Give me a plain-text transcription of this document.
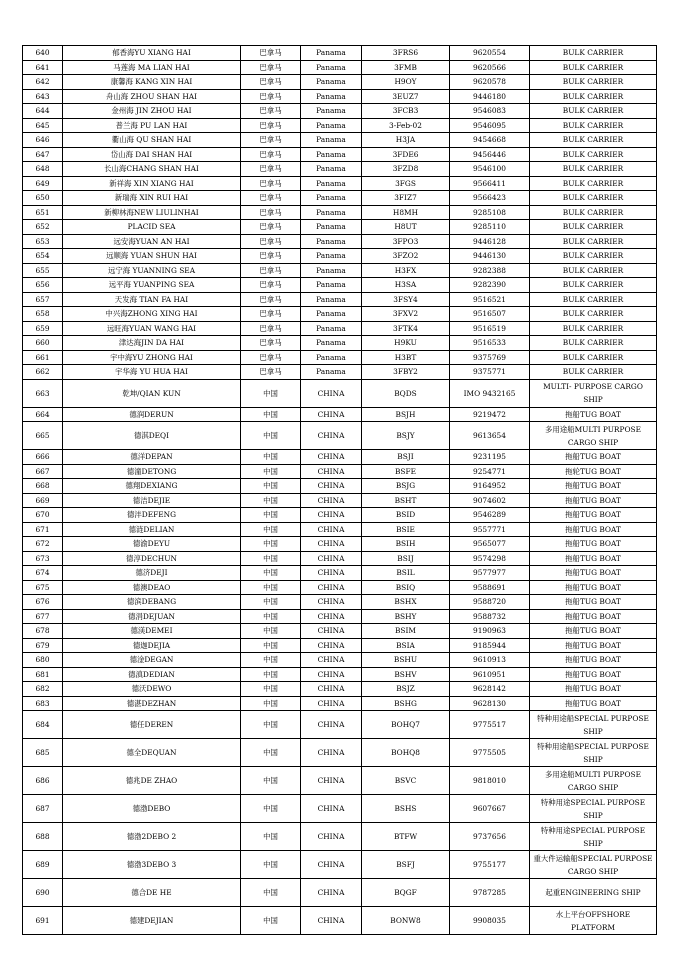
640	郁香海YU XIANG HAI	巴拿马	Panama	3FRS6	9620554	BULK CARRIER
641	马莲海 MA LIAN HAI	巴拿马	Panama	3FMB	9620566	BULK CARRIER
642	康馨海 KANG XIN HAI	巴拿马	Panama	H9OY	9620578	BULK CARRIER
643	舟山海 ZHOU SHAN HAI	巴拿马	Panama	3EUZ7	9446180	BULK CARRIER
644	金州海 JIN ZHOU HAI	巴拿马	Panama	3FCB3	9546083	BULK CARRIER
645	普兰海 PU LAN HAI	巴拿马	Panama	3-Feb-02	9546095	BULK CARRIER
646	衢山海 QU SHAN HAI	巴拿马	Panama	H3JA	9454668	BULK CARRIER
647	岱山海 DAI SHAN HAI	巴拿马	Panama	3FDE6	9456446	BULK CARRIER
648	长山海CHANG SHAN HAI	巴拿马	Panama	3FZD8	9546100	BULK CARRIER
649	新祥海 XIN XIANG HAI	巴拿马	Panama	3FGS	9566411	BULK CARRIER
650	新瑞海 XIN RUI HAI	巴拿马	Panama	3FIZ7	9566423	BULK CARRIER
651	新柳林海NEW LIULINHAI	巴拿马	Panama	H8MH	9285108	BULK CARRIER
652	PLACID SEA	巴拿马	Panama	H8UT	9285110	BULK CARRIER
653	远安海YUAN AN HAI	巴拿马	Panama	3FPO3	9446128	BULK CARRIER
654	远顺海 YUAN SHUN HAI	巴拿马	Panama	3FZO2	9446130	BULK CARRIER
655	远宁海 YUANNING SEA	巴拿马	Panama	H3FX	9282388	BULK CARRIER
656	远平海 YUANPING SEA	巴拿马	Panama	H3SA	9282390	BULK CARRIER
657	天发海 TIAN FA HAI	巴拿马	Panama	3FSY4	9516521	BULK CARRIER
658	中兴海ZHONG XING HAI	巴拿马	Panama	3FXV2	9516507	BULK CARRIER
659	远旺海YUAN WANG HAI	巴拿马	Panama	3FTK4	9516519	BULK CARRIER
660	津达海JIN DA HAI	巴拿马	Panama	H9KU	9516533	BULK CARRIER
661	宇中海YU ZHONG HAI	巴拿马	Panama	H3BT	9375769	BULK CARRIER
662	宇华海 YU HUA HAI	巴拿马	Panama	3FBY2	9375771	BULK CARRIER
663	乾坤/QIAN KUN	中国	CHINA	BQDS	IMO 9432165	MULTI- PURPOSE CARGO SHIP
664	德润DERUN	中国	CHINA	BSJH	9219472	拖船TUG BOAT
665	德淇DEQI	中国	CHINA	BSJY	9613654	多用途船MULTI PURPOSE CARGO SHIP
666	德洋DEPAN	中国	CHINA	BSJI	9231195	拖船TUG BOAT
667	德潼DETONG	中国	CHINA	BSFE	9254771	拖轮TUG BOAT
668	德翔DEXIANG	中国	CHINA	BSJG	9164952	拖船TUG BOAT
669	德洁DEJIE	中国	CHINA	BSHT	9074602	拖船TUG BOAT
670	德沣DEFENG	中国	CHINA	BSID	9546289	拖船TUG BOAT
671	德涟DELIAN	中国	CHINA	BSIE	9557771	拖船TUG BOAT
672	德渝DEYU	中国	CHINA	BSIH	9565077	拖船TUG BOAT
673	德淳DECHUN	中国	CHINA	BSIJ	9574298	拖船TUG BOAT
674	德济DEJI	中国	CHINA	BSIL	9577977	拖船TUG BOAT
675	德澳DEAO	中国	CHINA	BSIQ	9588691	拖船TUG BOAT
676	德滨DEBANG	中国	CHINA	BSHX	9588720	拖船TUG BOAT
677	德涓DEJUAN	中国	CHINA	BSHY	9588732	拖船TUG BOAT
678	德渼DEMEI	中国	CHINA	BSIM	9190963	拖船TUG BOAT
679	德迦DEJIA	中国	CHINA	BSIA	9185944	拖船TUG BOAT
680	德淦DEGAN	中国	CHINA	BSHU	9610913	拖船TUG BOAT
681	德滇DEDIAN	中国	CHINA	BSHV	9610951	拖船TUG BOAT
682	德沃DEWO	中国	CHINA	BSJZ	9628142	拖船TUG BOAT
683	德湛DEZHAN	中国	CHINA	BSHG	9628130	拖船TUG BOAT
684	德任DEREN	中国	CHINA	BOHQ7	9775517	特种用途船SPECIAL PURPOSE SHIP
685	德全DEQUAN	中国	CHINA	BOHQ8	9775505	特种用途船SPECIAL PURPOSE SHIP
686	德兆DE ZHAO	中国	CHINA	BSVC	9818010	多用途船MULTI PURPOSE CARGO SHIP
687	德渤DEBO	中国	CHINA	BSHS	9607667	特种用途SPECIAL PURPOSE SHIP
688	德渤2DEBO 2	中国	CHINA	BTFW	9737656	特种用途SPECIAL PURPOSE SHIP
689	德渤3DEBO 3	中国	CHINA	BSFJ	9755177	重大件运输船SPECIAL PURPOSE CARGO SHIP
690	德合DE HE	中国	CHINA	BQGF	9787285	起重ENGINEERING SHIP
691	德建DEJIAN	中国	CHINA	BONW8	9908035	水上平台OFFSHORE PLATFORM
